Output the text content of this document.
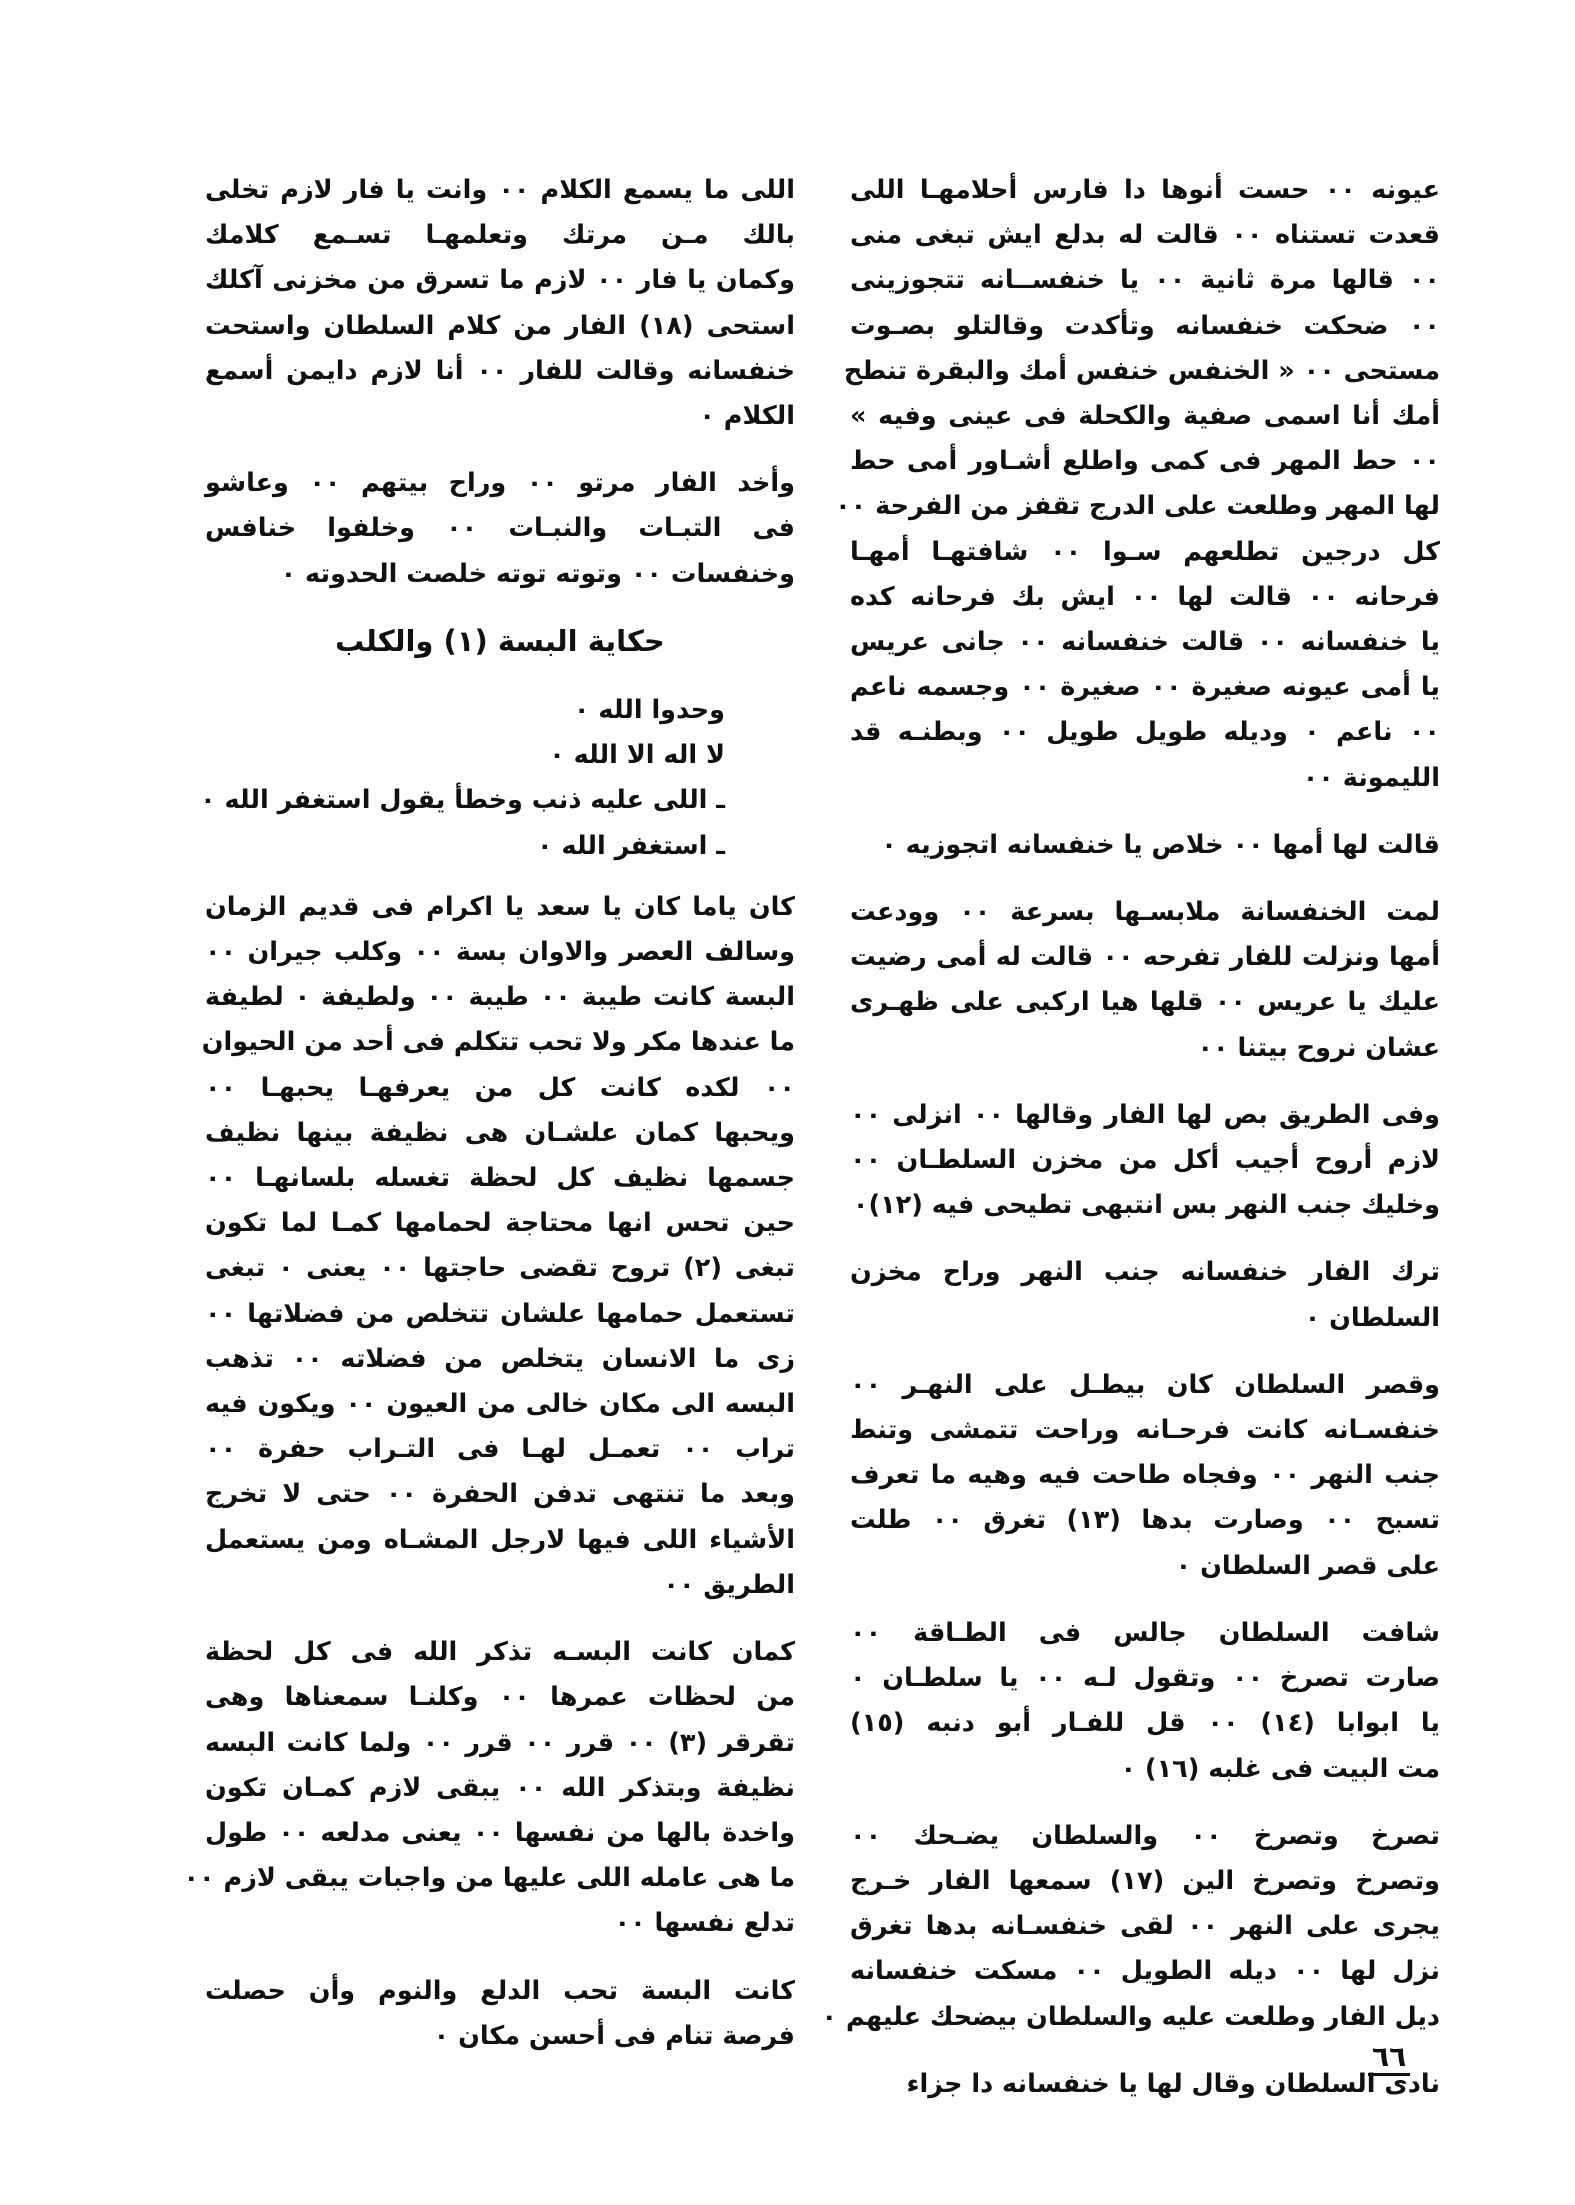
عيونه ٠٠ حست أنوها دا فارس أحلامهـا اللى
قعدت تستناه ٠٠ قالت له بدلع ايش تبغى منى
٠٠ قالها مرة ثانية ٠٠ يا خنفســانه تتجوزينى
٠٠ ضحكت خنفسانه وتأكدت وقالتلو بصـوت
مستحى ٠٠ « الخنفس خنفس أمك والبقرة تنطح
أمك أنا اسمى صفية والكحلة فى عينى وفيه »
٠٠ حط المهر فى كمى واطلع أشـاور أمى حط
لها المهر وطلعت على الدرج تقفز من الفرحة ٠٠
كل درجين تطلعهم سـوا ٠٠ شافتهـا أمهـا
فرحانه ٠٠ قالت لها ٠٠ ايش بك فرحانه كده
يا خنفسانه ٠٠ قالت خنفسانه ٠٠ جانى عريس
يا أمى عيونه صغيرة ٠٠ صغيرة ٠٠ وجسمه ناعم
٠٠ ناعم ٠ وديله طويل طويل ٠٠ وبطنـه قد
الليمونة ٠٠
قالت لها أمها ٠٠ خلاص يا خنفسانه اتجوزيه ٠
لمت الخنفسانة ملابسـها بسرعة ٠٠ وودعت
أمها ونزلت للفار تفرحه ٠٠ قالت له أمى رضيت
عليك يا عريس ٠٠ قلها هيا اركبى على ظهـرى
عشان نروح بيتنا ٠٠
وفى الطريق بص لها الفار وقالها ٠٠ انزلى ٠٠
لازم أروح أجيب أكل من مخزن السلطـان ٠٠
وخليك جنب النهر بس انتبهى تطيحى فيه (١٢)٠
ترك الفار خنفسانه جنب النهر وراح مخزن
السلطان ٠
وقصر السلطان كان بيطـل على النهـر ٠٠
خنفسـانه كانت فرحـانه وراحت تتمشى وتنط
جنب النهر ٠٠ وفجاه طاحت فيه وهيه ما تعرف
تسبح ٠٠ وصارت بدها (١٣) تغرق ٠٠ طلت
على قصر السلطان ٠
شافت السلطان جالس فى الطـاقة ٠٠
صارت تصرخ ٠٠ وتقول لـه ٠٠ يا سلطـان ٠
يا ابوابا (١٤) ٠٠ قل للفـار أبو دنبه (١٥)
مت البيت فى غلبه (١٦) ٠
تصرخ وتصرخ ٠٠ والسلطان يضـحك ٠٠
وتصرخ وتصرخ الين (١٧) سمعها الفار خـرج
يجرى على النهر ٠٠ لقى خنفسـانه بدها تغرق
نزل لها ٠٠ ديله الطويل ٠٠ مسكت خنفسانه
ديل الفار وطلعت عليه والسلطان بيضحك عليهم ٠
نادى السلطان وقال لها يا خنفسانه دا جزاء
اللى ما يسمع الكلام ٠٠ وانت يا فار لازم تخلى
بالك مـن مرتك وتعلمهـا تسـمع كلامك
وكمان يا فار ٠٠ لازم ما تسرق من مخزنى آكلك
استحى (١٨) الفار من كلام السلطان واستحت
خنفسانه وقالت للفار ٠٠ أنا لازم دايمن أسمع
الكلام ٠
وأخد الفار مرتو ٠٠ وراح بيتهم ٠٠ وعاشو
فى التبـات والنبـات ٠٠ وخلفوا خنافس
وخنفسات ٠٠ وتوته توته خلصت الحدوته ٠
حكاية البسة (١) والكلب
وحدوا الله ٠
لا اله الا الله ٠
ـ اللى عليه ذنب وخطأ يقول استغفر الله ٠
ـ استغفر الله ٠
كان ياما كان يا سعد يا اكرام فى قديم الزمان
وسالف العصر والاوان بسة ٠٠ وكلب جيران ٠٠
البسة كانت طيبة ٠٠ طيبة ٠٠ ولطيفة ٠ لطيفة
ما عندها مكر ولا تحب تتكلم فى أحد من الحيوان
٠٠ لكده كانت كل من يعرفهـا يحبهـا ٠٠
ويحبها كمان علشـان هى نظيفة بينها نظيف
جسمها نظيف كل لحظة تغسله بلسانهـا ٠٠
حين تحس انها محتاجة لحمامها كمـا لما تكون
تبغى (٢) تروح تقضى حاجتها ٠٠ يعنى ٠ تبغى
تستعمل حمامها علشان تتخلص من فضلاتها ٠٠
زى ما الانسان يتخلص من فضلاته ٠٠ تذهب
البسه الى مكان خالى من العيون ٠٠ ويكون فيه
تراب ٠٠ تعمـل لهـا فى التـراب حفرة ٠٠
وبعد ما تنتهى تدفن الحفرة ٠٠ حتى لا تخرج
الأشياء اللى فيها لارجل المشـاه ومن يستعمل
الطريق ٠٠
كمان كانت البسـه تذكر الله فى كل لحظة
من لحظات عمرها ٠٠ وكلنـا سمعناها وهى
تقرقر (٣) ٠٠ قرر ٠٠ قرر ٠٠ ولما كانت البسه
نظيفة وبتذكر الله ٠٠ يبقى لازم كمـان تكون
واخدة بالها من نفسها ٠٠ يعنى مدلعه ٠٠ طول
ما هى عامله اللى عليها من واجبات يبقى لازم ٠٠
تدلع نفسها ٠٠
كانت البسة تحب الدلع والنوم وأن حصلت
فرصة تنام فى أحسن مكان ٠
٦٦
